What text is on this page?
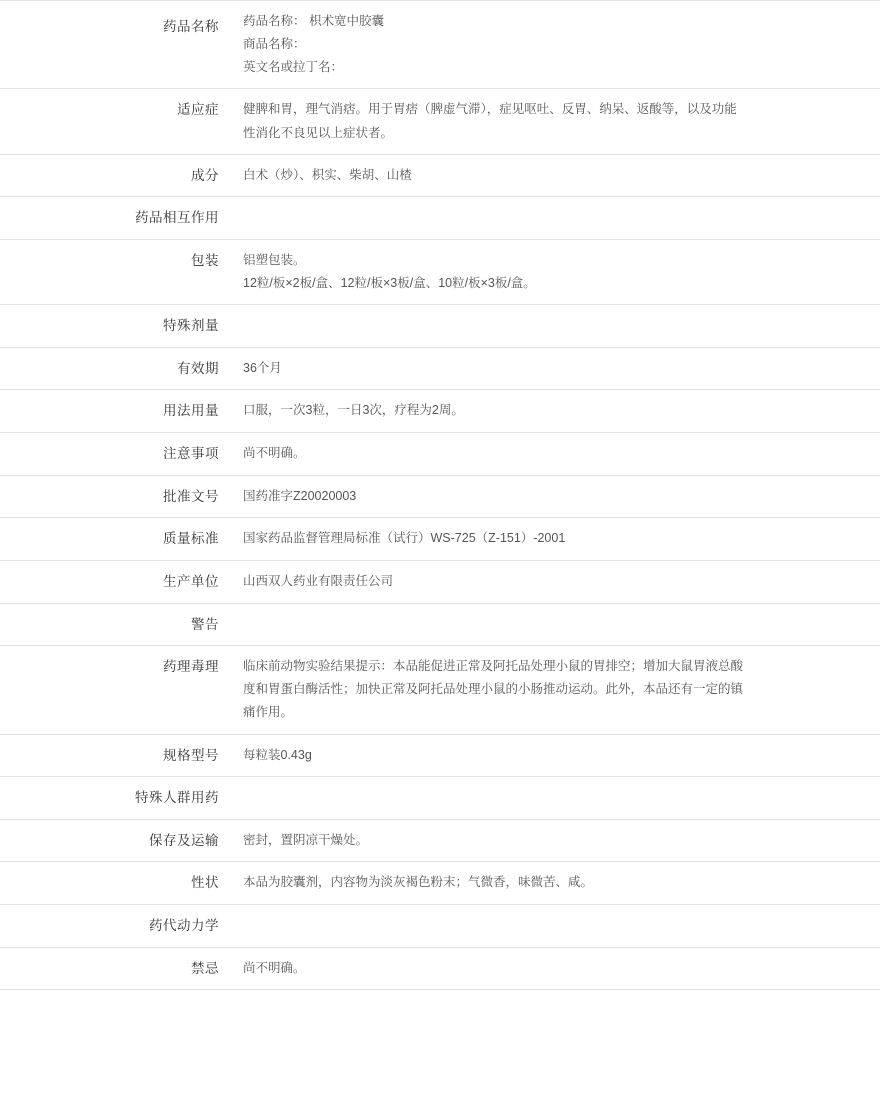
药品名称	药品名称： 枳术宽中胶囊
商品名称：
英文名或拉丁名：

适应症	健脾和胃，理气消痞。用于胃痞（脾虚气滞），症见呕吐、反胃、纳呆、返酸等，以及功能
性消化不良见以上症状者。

成分	白术（炒）、枳实、柴胡、山楂

药品相互作用	
包装	铝塑包装。
12粒/板×2板/盒、12粒/板×3板/盒、10粒/板×3板/盒。

特殊剂量	
有效期	36个月

用法用量	口服，一次3粒，一日3次，疗程为2周。

注意事项	尚不明确。

批准文号	国药准字Z20020003

质量标准	国家药品监督管理局标准（试行）WS-725（Z-151）-2001

生产单位	山西双人药业有限责任公司

警告	
药理毒理	临床前动物实验结果提示：本品能促进正常及阿托品处理小鼠的胃排空；增加大鼠胃液总酸
度和胃蛋白酶活性；加快正常及阿托品处理小鼠的小肠推动运动。此外，本品还有一定的镇
痛作用。

规格型号	每粒装0.43g

特殊人群用药	
保存及运输	密封，置阴凉干燥处。

性状	本品为胶囊剂，内容物为淡灰褐色粉末；气微香，味微苦、咸。

药代动力学	
禁忌	尚不明确。
